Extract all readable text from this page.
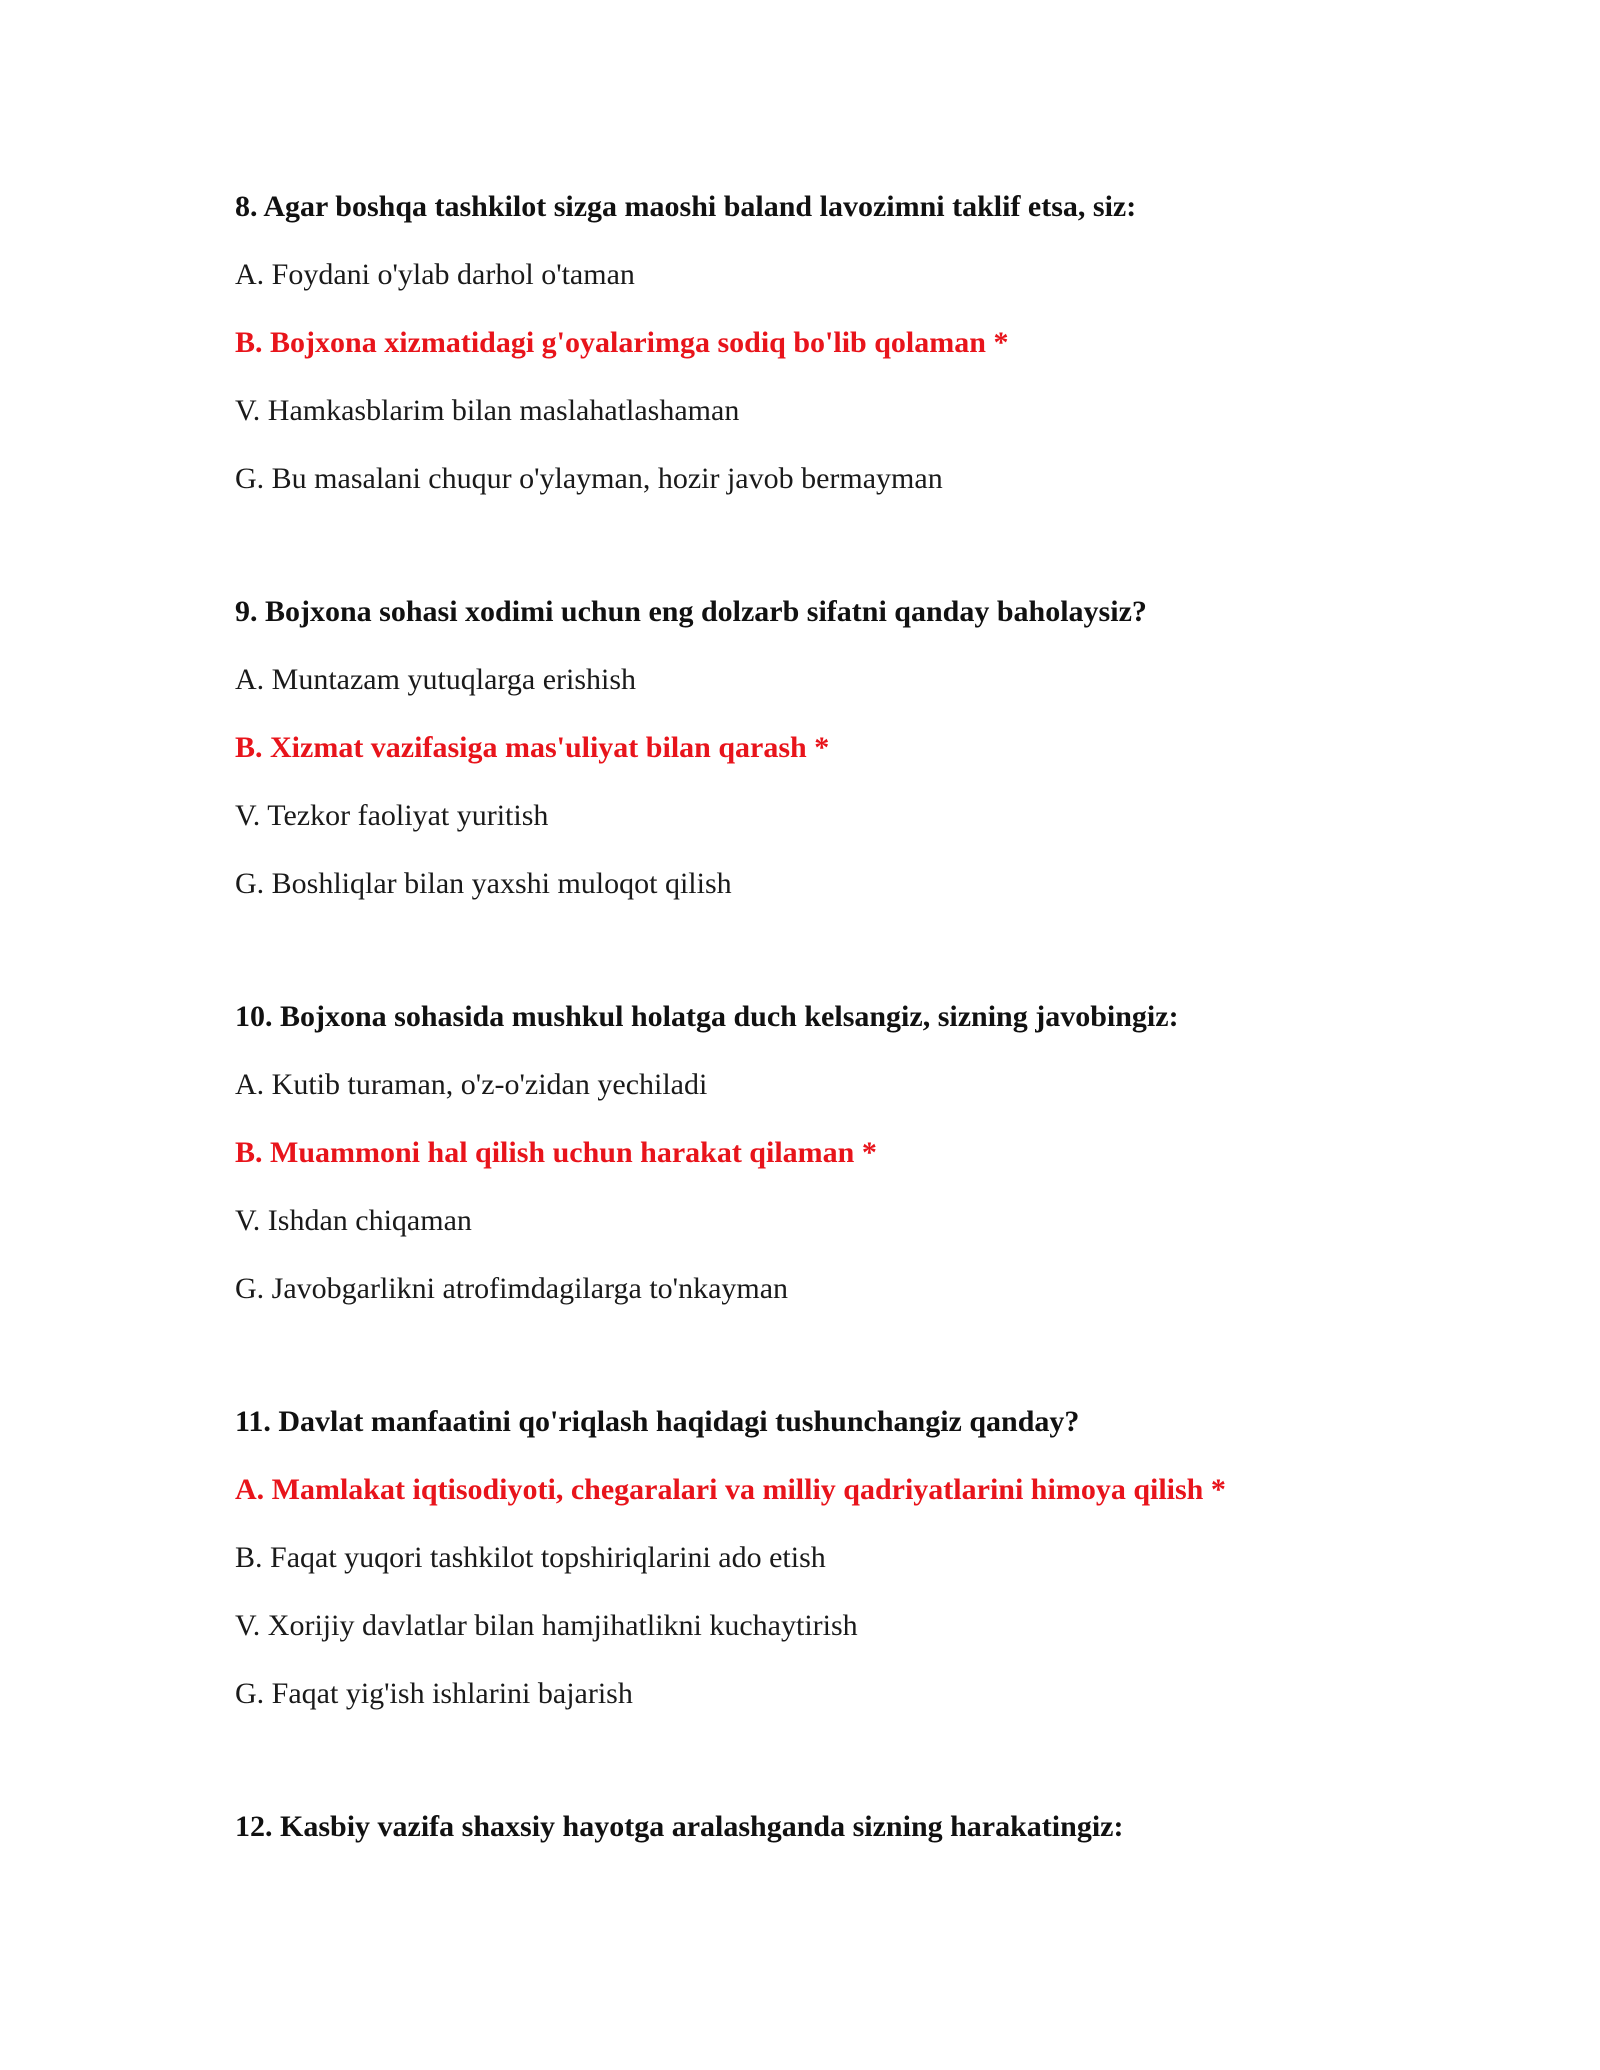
8. Agar boshqa tashkilot sizga maoshi baland lavozimni taklif etsa, siz:
A. Foydani o'ylab darhol o'taman
B. Bojxona xizmatidagi g'oyalarimga sodiq bo'lib qolaman *
V. Hamkasblarim bilan maslahatlashaman
G. Bu masalani chuqur o'ylayman, hozir javob bermayman
9. Bojxona sohasi xodimi uchun eng dolzarb sifatni qanday baholaysiz?
A. Muntazam yutuqlarga erishish
B. Xizmat vazifasiga mas'uliyat bilan qarash *
V. Tezkor faoliyat yuritish
G. Boshliqlar bilan yaxshi muloqot qilish
10. Bojxona sohasida mushkul holatga duch kelsangiz, sizning javobingiz:
A. Kutib turaman, o'z-o'zidan yechiladi
B. Muammoni hal qilish uchun harakat qilaman *
V. Ishdan chiqaman
G. Javobgarlikni atrofimdagilarga to'nkayman
11. Davlat manfaatini qo'riqlash haqidagi tushunchangiz qanday?
A. Mamlakat iqtisodiyoti, chegaralari va milliy qadriyatlarini himoya qilish *
B. Faqat yuqori tashkilot topshiriqlarini ado etish
V. Xorijiy davlatlar bilan hamjihatlikni kuchaytirish
G. Faqat yig'ish ishlarini bajarish
12. Kasbiy vazifa shaxsiy hayotga aralashganda sizning harakatingiz:
